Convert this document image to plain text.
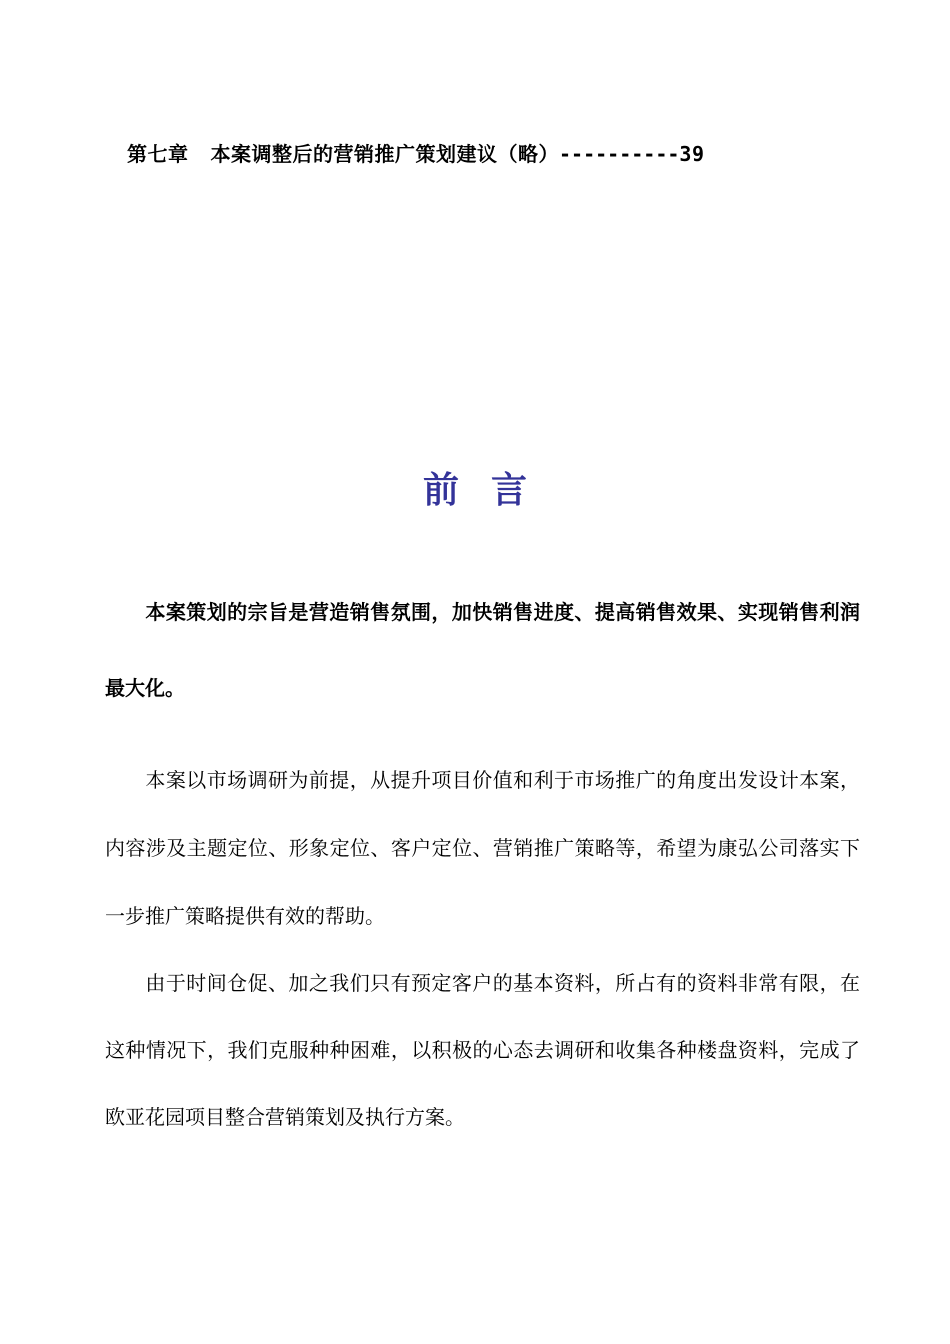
第七章 本案调整后的营销推广策划建议（略）----------39
前言
本案策划的宗旨是营造销售氛围，加快销售进度、提高销售效果、实现销售利润最大化。
本案以市场调研为前提，从提升项目价值和利于市场推广的角度出发设计本案，内容涉及主题定位、形象定位、客户定位、营销推广策略等，希望为康弘公司落实下一步推广策略提供有效的帮助。
由于时间仓促、加之我们只有预定客户的基本资料，所占有的资料非常有限，在这种情况下，我们克服种种困难，以积极的心态去调研和收集各种楼盘资料，完成了欧亚花园项目整合营销策划及执行方案。
